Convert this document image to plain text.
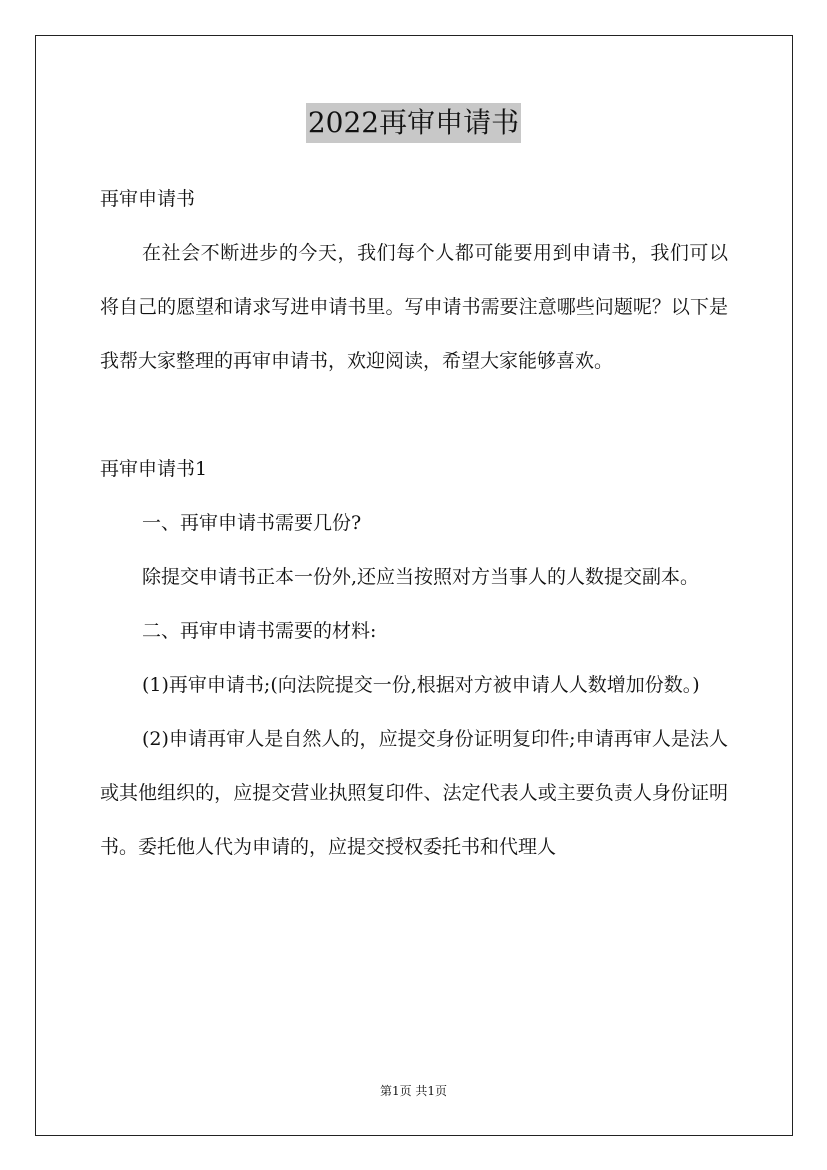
2022再审申请书

再审申请书

在社会不断进步的今天，我们每个人都可能要用到申请书，我们可以将自己的愿望和请求写进申请书里。写申请书需要注意哪些问题呢？以下是我帮大家整理的再审申请书，欢迎阅读，希望大家能够喜欢。

再审申请书1

一、再审申请书需要几份?

除提交申请书正本一份外,还应当按照对方当事人的人数提交副本。

二、再审申请书需要的材料:

(1)再审申请书;(向法院提交一份,根据对方被申请人人数增加份数。)

(2)申请再审人是自然人的，应提交身份证明复印件;申请再审人是法人或其他组织的，应提交营业执照复印件、法定代表人或主要负责人身份证明书。委托他人代为申请的，应提交授权委托书和代理人

第1页 共1页
